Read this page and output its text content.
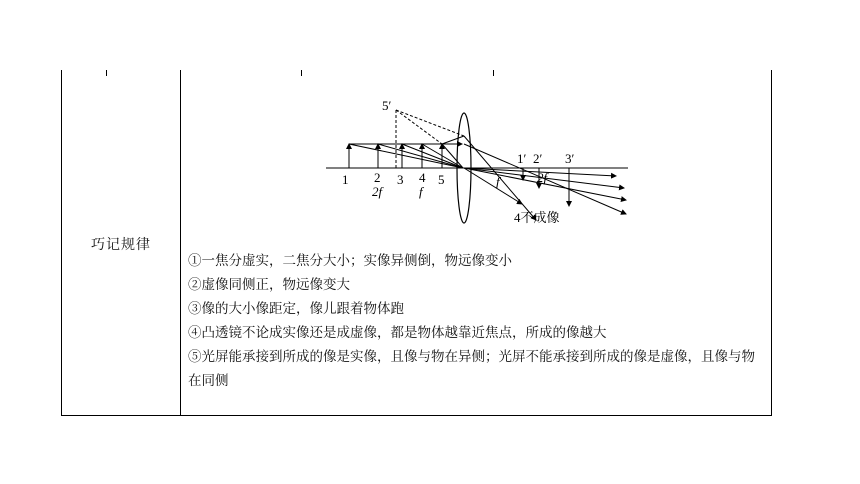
巧记规律
1 2
2f
3 4
f
5
5′
1′ 2′
2f
3′
f
4不成像
①一焦分虚实，二焦分大小；实像异侧倒，物远像变小
②虚像同侧正，物远像变大
③像的大小像距定，像儿跟着物体跑
④凸透镜不论成实像还是成虚像，都是物体越靠近焦点，所成的像越大
⑤光屏能承接到所成的像是实像，且像与物在异侧；光屏不能承接到所成的像是虚像，且像与物在同侧
